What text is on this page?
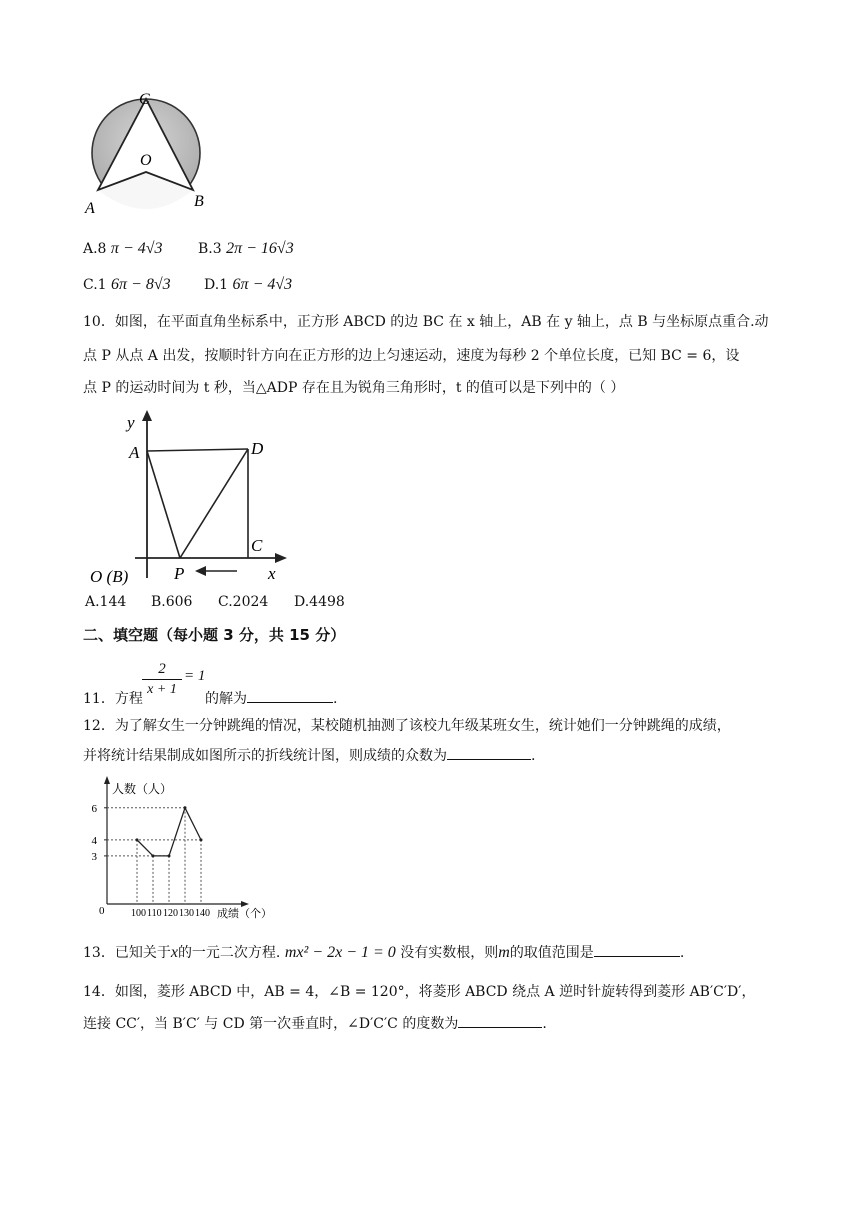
C
O
A	B
A.8 π − 4√3	B.3 2π − 16√3
C.1 6π − 8√3 D.1 6π − 4√3
10．如图，在平面直角坐标系中，正方形 ABCD 的边 BC 在 x 轴上，AB 在 y 轴上，点 B 与坐标原点重合.动
点 P 从点 A 出发，按顺时针方向在正方形的边上匀速运动，速度为每秒 2 个单位长度，已知 BC = 6，设
点 P 的运动时间为 t 秒，当△ADP 存在且为锐角三角形时，t 的值可以是下列中的（ ）
y
A	D
C
P	x
O (B)
A.144 B.606 C.2024 D.4498
二、填空题（每小题 3 分，共 15 分）
11．方程
2
x + 1
= 1
的解为	.
12．为了解女生一分钟跳绳的情况，某校随机抽测了该校九年级某班女生，统计她们一分钟跳绳的成绩，
并将统计结果制成如图所示的折线统计图，则成绩的众数为	.
人数（人）
成绩（个）
0
3
4
6
100 110 120 130 140
13．已知关于x的一元二次方程. mx² − 2x − 1 = 0 没有实数根，则m的取值范围是	.
14．如图，菱形 ABCD 中，AB = 4，∠B = 120°，将菱形 ABCD 绕点 A 逆时针旋转得到菱形 AB′C′D′，
连接 CC′，当 B′C′ 与 CD 第一次垂直时，∠D′C′C 的度数为	.
